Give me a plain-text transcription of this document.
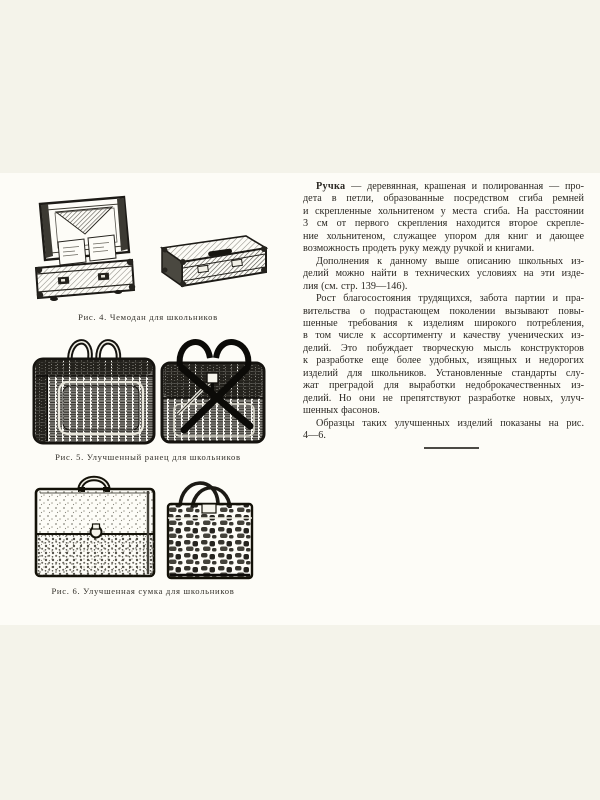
Рис. 4. Чемодан для школьников
Рис. 5. Улучшенный ранец для школьников
Рис. 6. Улучшенная сумка для школьников
Ручка — деревянная, крашеная и полированная — про-
дета в петли, образованные посредством сгиба ремней
и скрепленные хольнитеном у места сгиба. На расстоянии
3 см от первого скрепления находится второе скрепле-
ние хольнитеном, служащее упором для книг и дающее
возможность продеть руку между ручкой и книгами.
Дополнения к данному выше описанию школьных из-
делий можно найти в технических условиях на эти изде-
лия (см. стр. 139—146).
Рост благосостояния трудящихся, забота партии и пра-
вительства о подрастающем поколении вызывают повы-
шенные требования к изделиям широкого потребления,
в том числе к ассортименту и качеству ученических из-
делий. Это побуждает творческую мысль конструкторов
к разработке еще более удобных, изящных и недорогих
изделий для школьников. Установленные стандарты слу-
жат преградой для выработки недоброкачественных из-
делий. Но они не препятствуют разработке новых, улуч-
шенных фасонов.
Образцы таких улучшенных изделий показаны на рис.
4—6.
